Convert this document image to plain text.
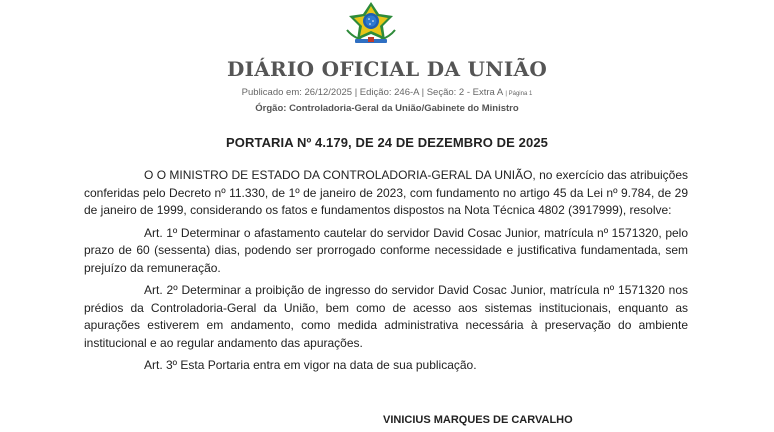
DIÁRIO OFICIAL DA UNIÃO
Publicado em: 26/12/2025 | Edição: 246-A | Seção: 2 - Extra A | Página 1
Órgão: Controladoria-Geral da União/Gabinete do Ministro
PORTARIA Nº 4.179, DE 24 DE DEZEMBRO DE 2025

O O MINISTRO DE ESTADO DA CONTROLADORIA-GERAL DA UNIÃO, no exercício das atribuições conferidas pelo Decreto nº 11.330, de 1º de janeiro de 2023, com fundamento no artigo 45 da Lei nº 9.784, de 29 de janeiro de 1999, considerando os fatos e fundamentos dispostos na Nota Técnica 4802 (3917999), resolve:

Art. 1º Determinar o afastamento cautelar do servidor David Cosac Junior, matrícula nº 1571320, pelo prazo de 60 (sessenta) dias, podendo ser prorrogado conforme necessidade e justificativa fundamentada, sem prejuízo da remuneração.

Art. 2º Determinar a proibição de ingresso do servidor David Cosac Junior, matrícula nº 1571320 nos prédios da Controladoria-Geral da União, bem como de acesso aos sistemas institucionais, enquanto as apurações estiverem em andamento, como medida administrativa necessária à preservação do ambiente institucional e ao regular andamento das apurações.

Art. 3º Esta Portaria entra em vigor na data de sua publicação.

VINICIUS MARQUES DE CARVALHO
